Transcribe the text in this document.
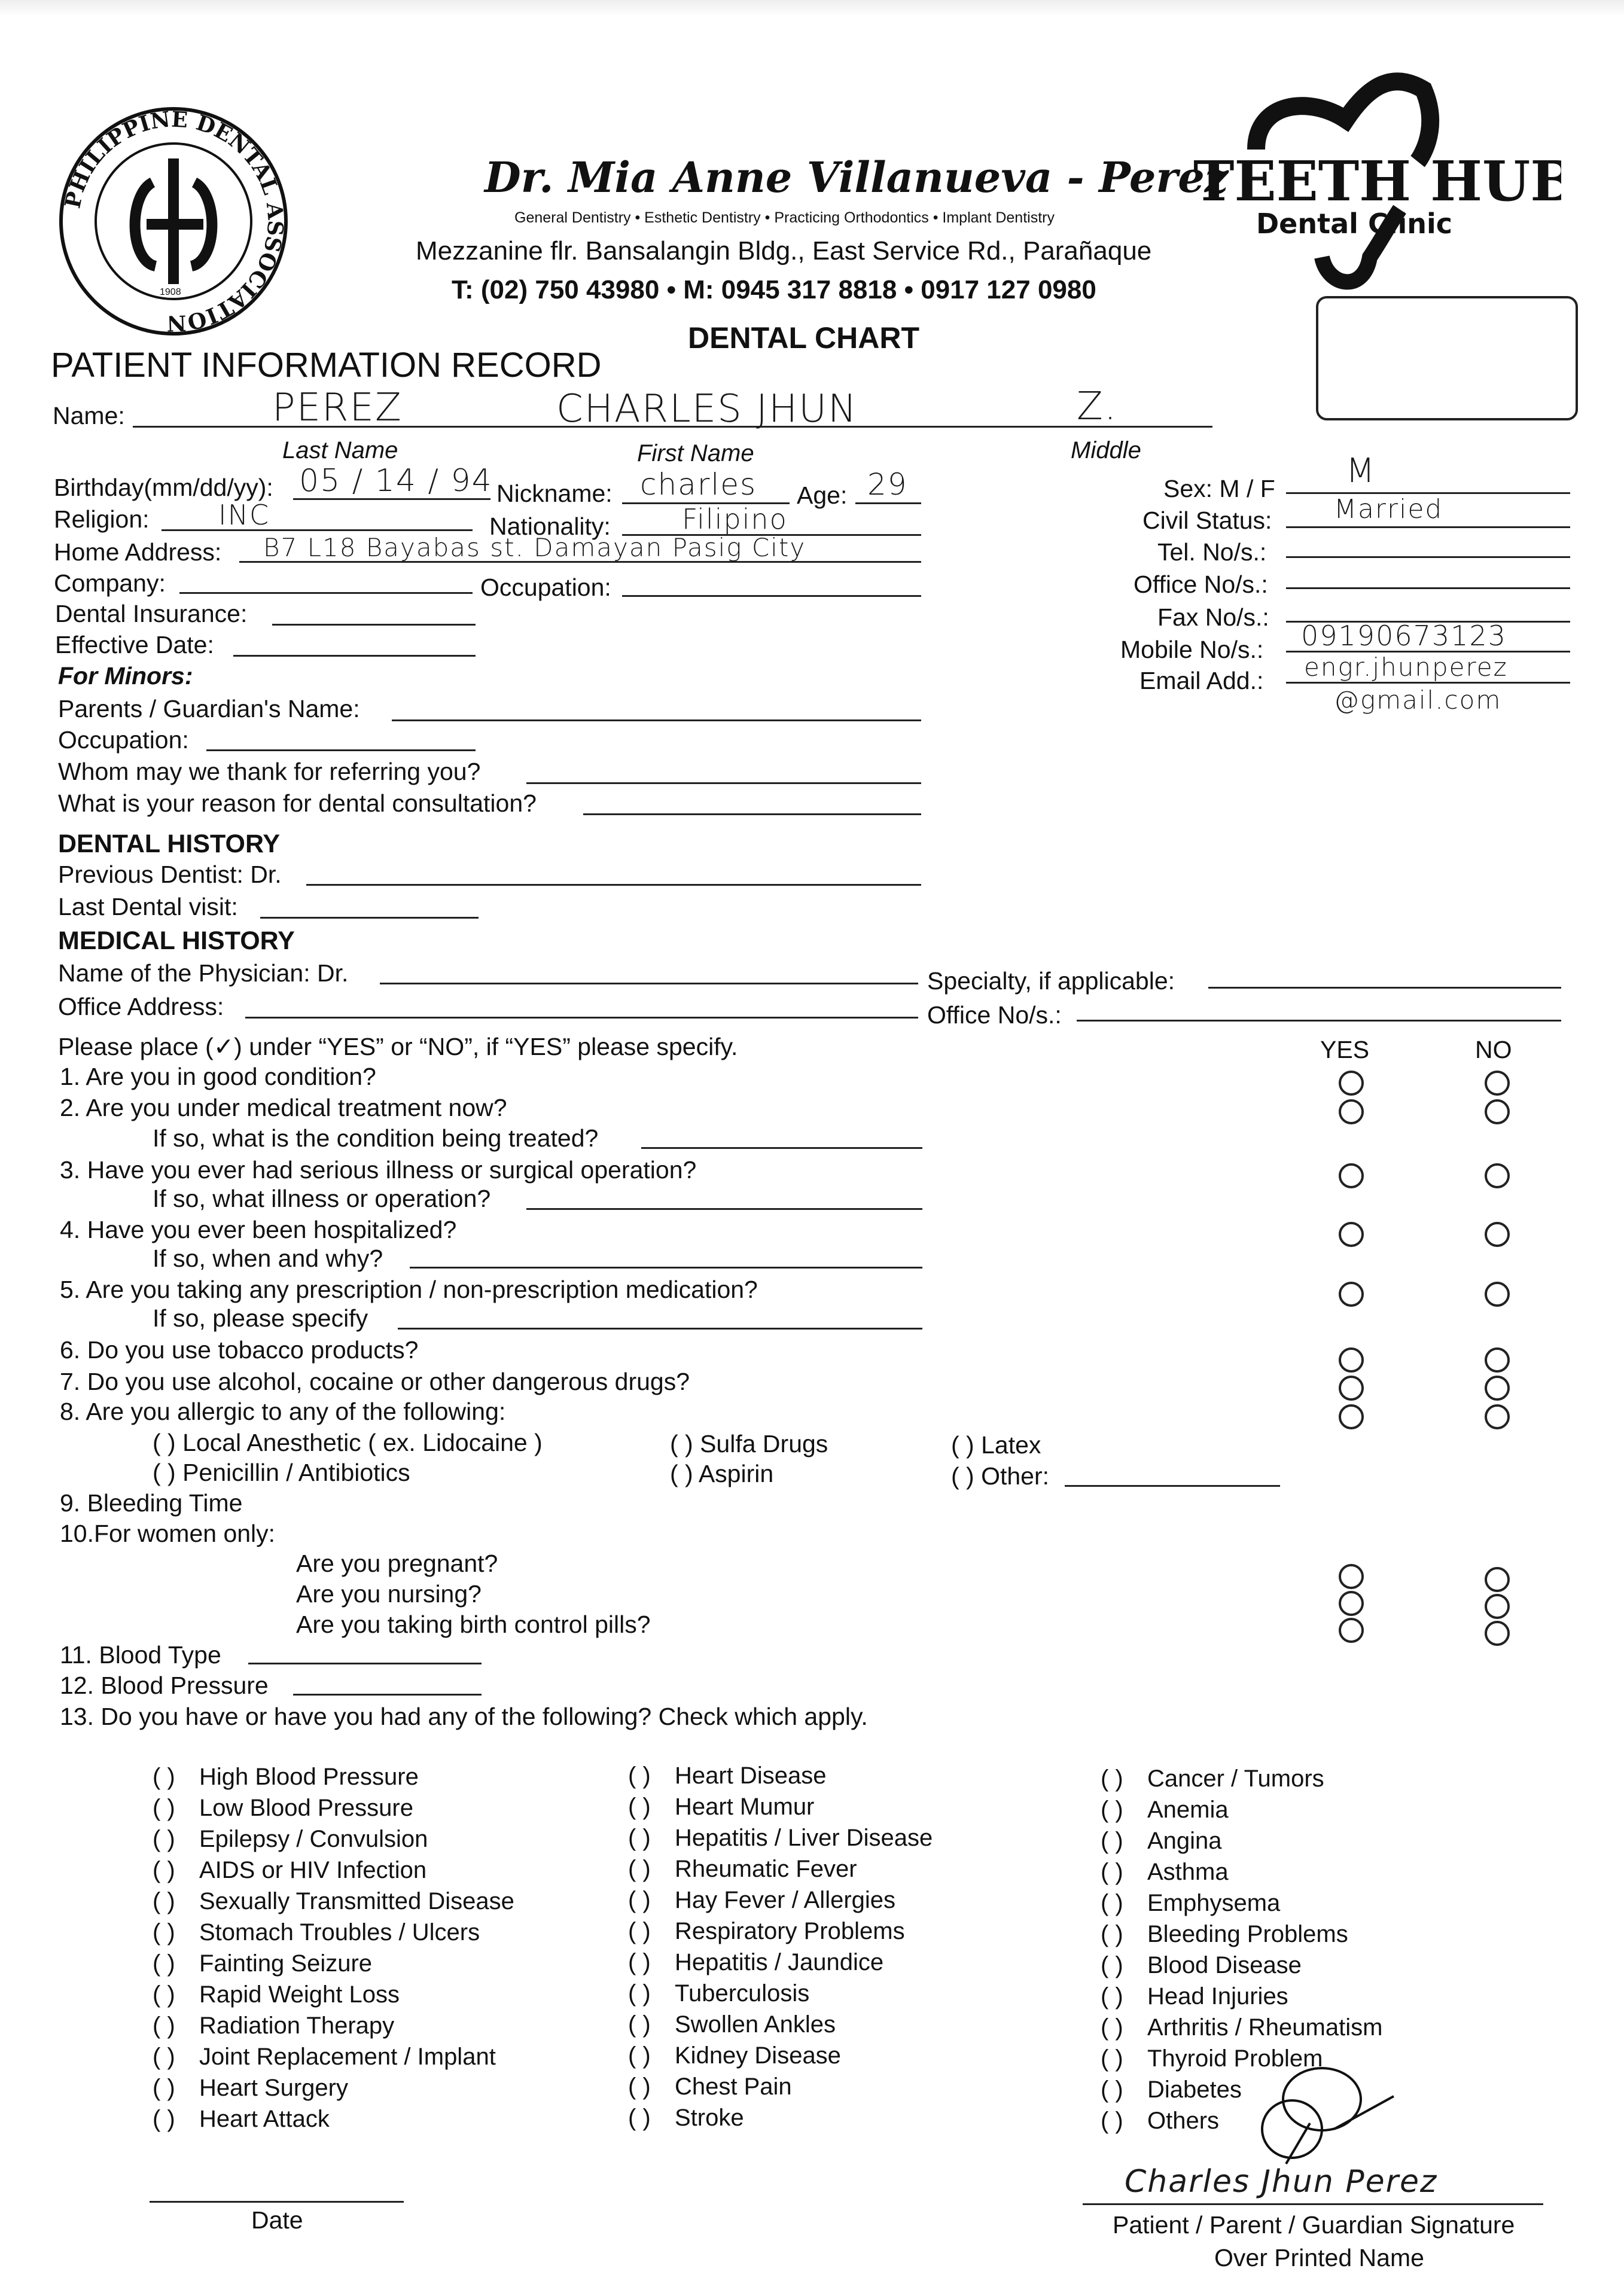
PHILIPPINE DENTAL ASSOCIATION
1908
Dr. Mia Anne Villanueva - Perez
General Dentistry • Esthetic Dentistry • Practicing Orthodontics • Implant Dentistry
Mezzanine flr. Bansalangin Bldg., East Service Rd., Parañaque
T: (02) 750 43980 • M: 0945 317 8818 • 0917 127 0980
TEETH HUB
Dental Clinic
DENTAL CHART
PATIENT INFORMATION RECORD
Name:	PEREZ	CHARLES JHUN	Z.
Last Name	First Name	Middle
Birthday(mm/dd/yy): 05 / 14 / 94 Nickname: charles Age: 29
Religion:	INC	Nationality:	Filipino
Home Address: B7 L18 Bayabas st. Damayan Pasig City
Company:	Occupation:
Dental Insurance:
Effective Date:
Sex: M / F M
Civil Status: Married
Tel. No/s.:
Office No/s.:
Fax No/s.:
Mobile No/s.: 09190673123
Email Add.: engr.jhunperez
@gmail.com
For Minors:
Parents / Guardian's Name:
Occupation:
Whom may we thank for referring you?
What is your reason for dental consultation?
DENTAL HISTORY
Previous Dentist: Dr.
Last Dental visit:
MEDICAL HISTORY
Name of the Physician: Dr.	Specialty, if applicable:
Office Address:	Office No/s.:
Please place (✓) under “YES” or “NO”, if “YES” please specify.	YES	NO
1. Are you in good condition?
2. Are you under medical treatment now?
If so, what is the condition being treated?
3. Have you ever had serious illness or surgical operation?
If so, what illness or operation?
4. Have you ever been hospitalized?
If so, when and why?
5. Are you taking any prescription / non-prescription medication?
If so, please specify
6. Do you use tobacco products?
7. Do you use alcohol, cocaine or other dangerous drugs?
8. Are you allergic to any of the following:
( ) Local Anesthetic ( ex. Lidocaine )
( ) Penicillin / Antibiotics
( ) Sulfa Drugs
( ) Aspirin
( ) Latex
( ) Other:
9. Bleeding Time
10.For women only:
Are you pregnant?
Are you nursing?
Are you taking birth control pills?
11. Blood Type
12. Blood Pressure
13. Do you have or have you had any of the following? Check which apply.
( ) High Blood Pressure
( ) Low Blood Pressure
( ) Epilepsy / Convulsion
( ) AIDS or HIV Infection
( ) Sexually Transmitted Disease
( ) Stomach Troubles / Ulcers
( ) Fainting Seizure
( ) Rapid Weight Loss
( ) Radiation Therapy
( ) Joint Replacement / Implant
( ) Heart Surgery
( ) Heart Attack
( ) Heart Disease
( ) Heart Mumur
( ) Hepatitis / Liver Disease
( ) Rheumatic Fever
( ) Hay Fever / Allergies
( ) Respiratory Problems
( ) Hepatitis / Jaundice
( ) Tuberculosis
( ) Swollen Ankles
( ) Kidney Disease
( ) Chest Pain
( ) Stroke
( ) Cancer / Tumors
( ) Anemia
( ) Angina
( ) Asthma
( ) Emphysema
( ) Bleeding Problems
( ) Blood Disease
( ) Head Injuries
( ) Arthritis / Rheumatism
( ) Thyroid Problem
( ) Diabetes
( ) Others
Date
Charles Jhun Perez
Patient / Parent / Guardian Signature
Over Printed Name
